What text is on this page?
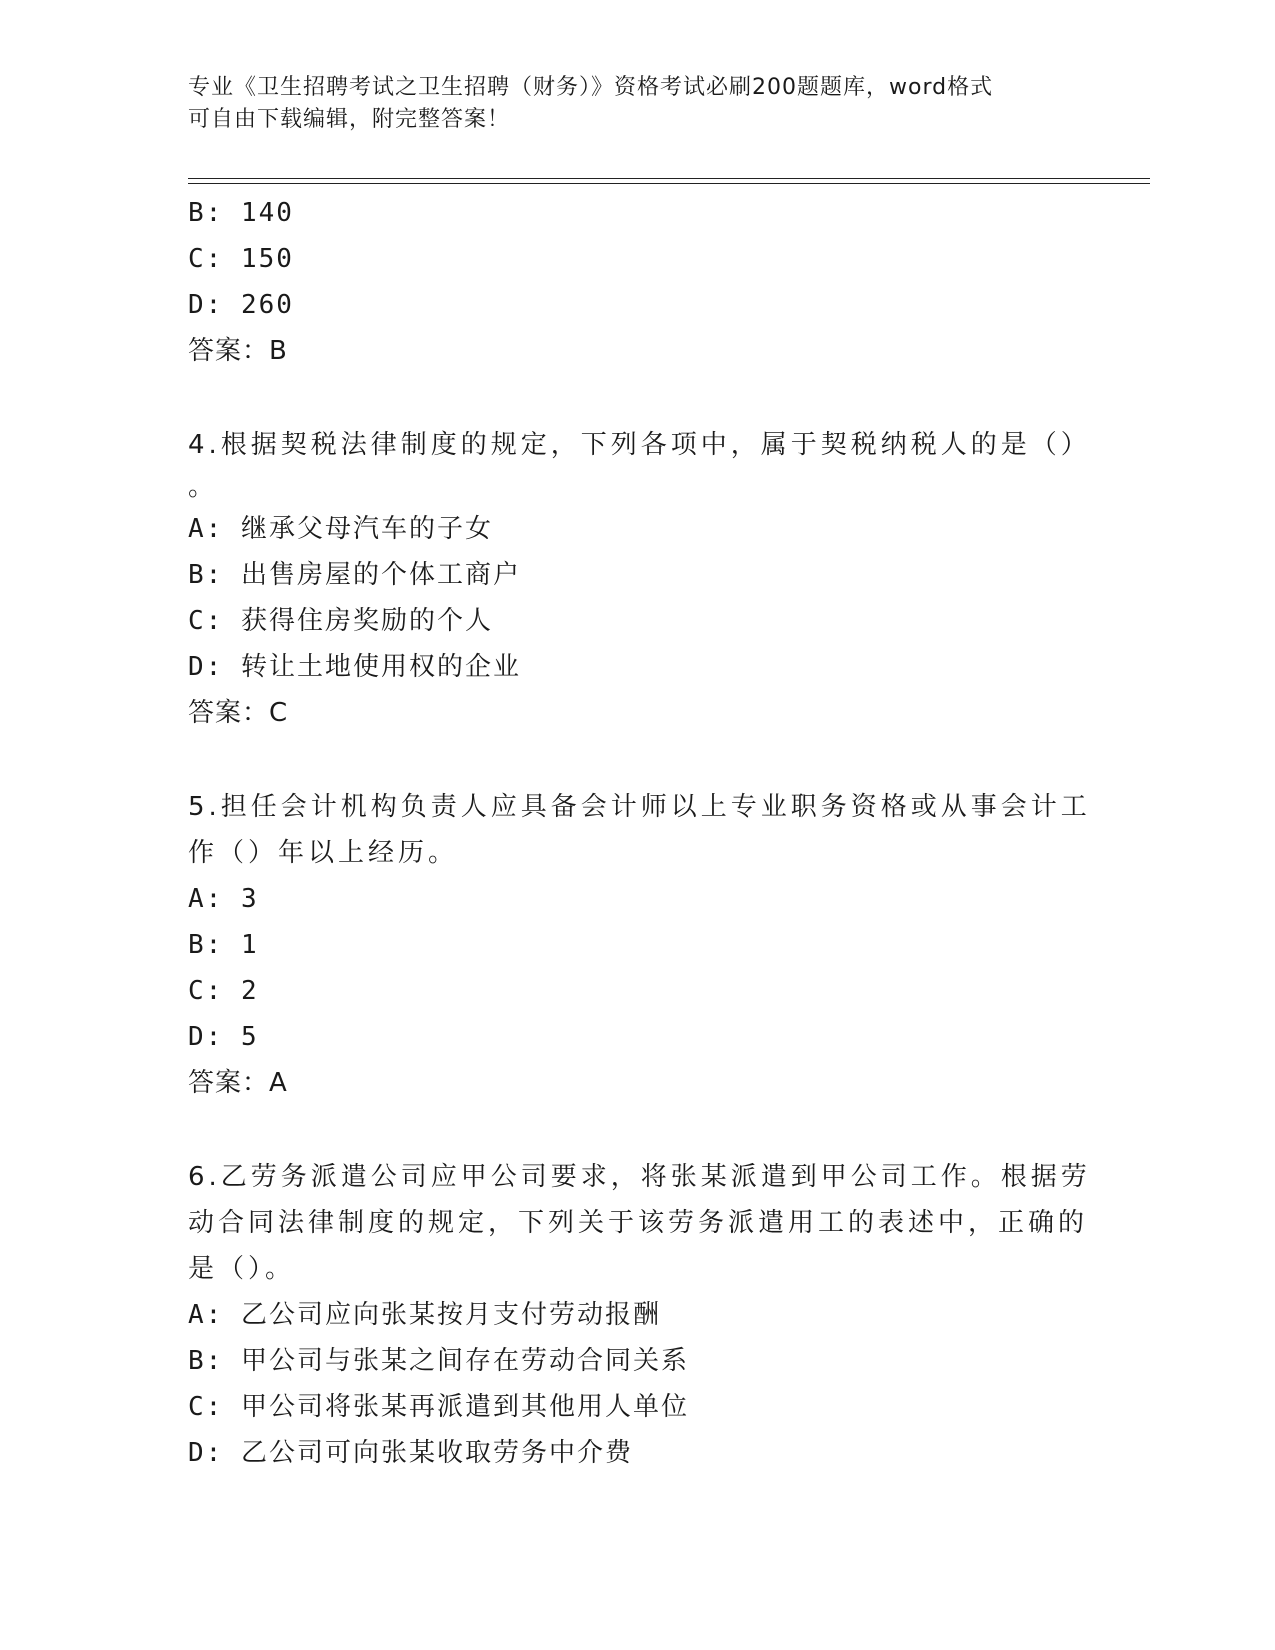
专业《卫生招聘考试之卫生招聘（财务）》资格考试必刷200题题库，word格式
可自由下载编辑，附完整答案！
B: 140
C: 150
D: 260
答案：B
4.根据契税法律制度的规定，下列各项中，属于契税纳税人的是（）
。
A: 继承父母汽车的子女
B: 出售房屋的个体工商户
C: 获得住房奖励的个人
D: 转让土地使用权的企业
答案：C
5.担任会计机构负责人应具备会计师以上专业职务资格或从事会计工
作（）年以上经历。
A: 3
B: 1
C: 2
D: 5
答案：A
6.乙劳务派遣公司应甲公司要求，将张某派遣到甲公司工作。根据劳
动合同法律制度的规定，下列关于该劳务派遣用工的表述中，正确的
是（）。
A: 乙公司应向张某按月支付劳动报酬
B: 甲公司与张某之间存在劳动合同关系
C: 甲公司将张某再派遣到其他用人单位
D: 乙公司可向张某收取劳务中介费
